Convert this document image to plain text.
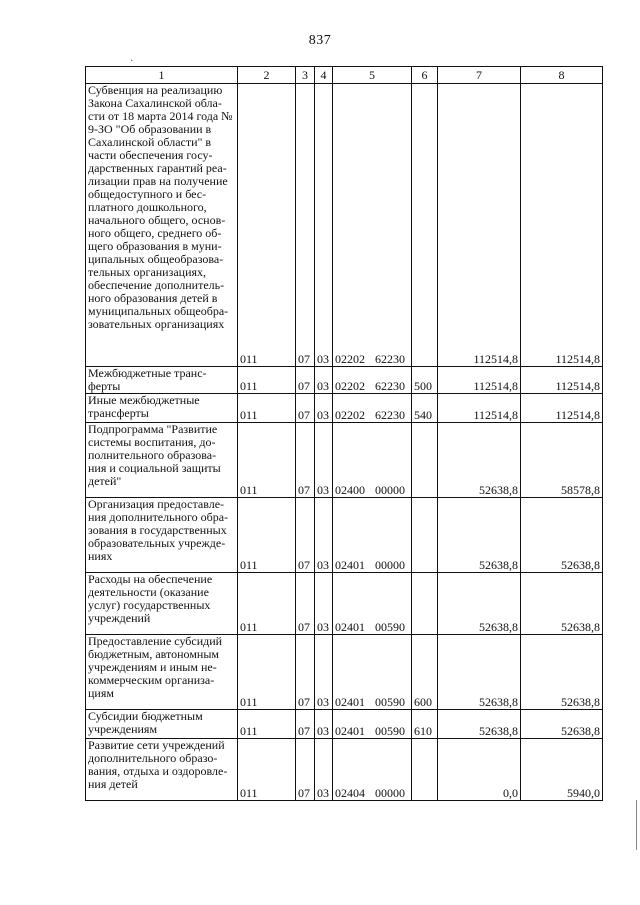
837
·
1	2	3	4	5	6	7	8
Субвенция на реализацию Закона Сахалинской обла- сти от 18 марта 2014 года № 9-ЗО "Об образовании в Сахалинской области" в части обеспечения госу- дарственных гарантий реа- лизации прав на получение общедоступного и бес- платного дошкольного, начального общего, основ- ного общего, среднего об- щего образования в муни- ципальных общеобразова- тельных организациях, обеспечение дополнитель- ного образования детей в муниципальных общеобра- зовательных организациях	011	07	03	02202 62230		112514,8	112514,8
Межбюджетные транс- ферты	011	07	03	02202 62230	500	112514,8	112514,8
Иные межбюджетные трансферты	011	07	03	02202 62230	540	112514,8	112514,8
Подпрограмма "Развитие системы воспитания, до- полнительного образова- ния и социальной защиты детей"	011	07	03	02400 00000		52638,8	58578,8
Организация предоставле- ния дополнительного обра- зования в государственных образовательных учрежде- ниях	011	07	03	02401 00000		52638,8	52638,8
Расходы на обеспечение деятельности (оказание услуг) государственных учреждений	011	07	03	02401 00590		52638,8	52638,8
Предоставление субсидий бюджетным, автономным учреждениям и иным не- коммерческим организа- циям	011	07	03	02401 00590	600	52638,8	52638,8
Субсидии бюджетным учреждениям	011	07	03	02401 00590	610	52638,8	52638,8
Развитие сети учреждений дополнительного образо- вания, отдыха и оздоровле- ния детей	011	07	03	02404 00000		0,0	5940,0
